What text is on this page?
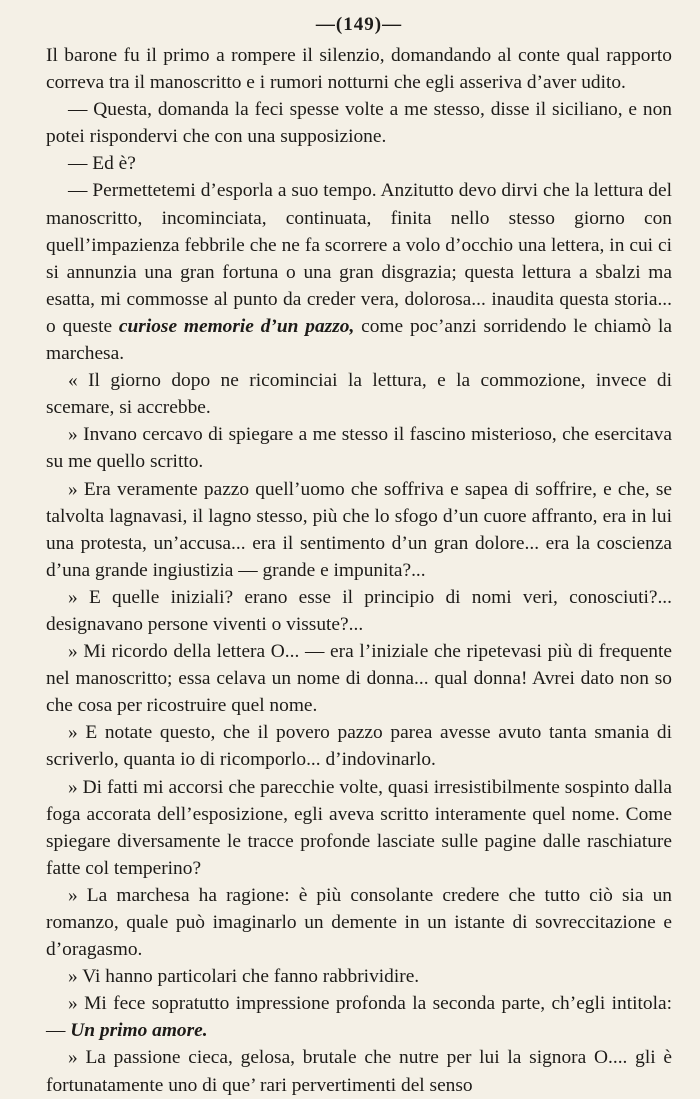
—(149)—

Il barone fu il primo a rompere il silenzio, domandando al conte qual rapporto correva tra il manoscritto e i rumori notturni che egli asseriva d’aver udito.

— Questa, domanda la feci spesse volte a me stesso, disse il siciliano, e non potei rispondervi che con una supposizione.

— Ed è?

— Permettetemi d’esporla a suo tempo. Anzitutto devo dirvi che la lettura del manoscritto, incominciata, continuata, finita nello stesso giorno con quell’impazienza febbrile che ne fa scorrere a volo d’occhio una lettera, in cui ci si annunzia una gran fortuna o una gran disgrazia; questa lettura a sbalzi ma esatta, mi commosse al punto da creder vera, dolorosa... inaudita questa storia... o queste curiose memorie d’un pazzo, come poc’anzi sorridendo le chiamò la marchesa.

« Il giorno dopo ne ricominciai la lettura, e la commozione, invece di scemare, si accrebbe.

» Invano cercavo di spiegare a me stesso il fascino misterioso, che esercitava su me quello scritto.

» Era veramente pazzo quell’uomo che soffriva e sapea di soffrire, e che, se talvolta lagnavasi, il lagno stesso, più che lo sfogo d’un cuore affranto, era in lui una protesta, un’accusa... era il sentimento d’un gran dolore... era la coscienza d’una grande ingiustizia — grande e impunita?...

» E quelle iniziali? erano esse il principio di nomi veri, conosciuti?... designavano persone viventi o vissute?...

» Mi ricordo della lettera O... — era l’iniziale che ripetevasi più di frequente nel manoscritto; essa celava un nome di donna... qual donna! Avrei dato non so che cosa per ricostruire quel nome.

» E notate questo, che il povero pazzo parea avesse avuto tanta smania di scriverlo, quanta io di ricomporlo... d’indovinarlo.

» Di fatti mi accorsi che parecchie volte, quasi irresistibilmente sospinto dalla foga accorata dell’esposizione, egli aveva scritto interamente quel nome. Come spiegare diversamente le tracce profonde lasciate sulle pagine dalle raschiature fatte col temperino?

» La marchesa ha ragione: è più consolante credere che tutto ciò sia un romanzo, quale può imaginarlo un demente in un istante di sovreccitazione e d’oragasmo.

» Vi hanno particolari che fanno rabbrividire.

» Mi fece sopratutto impressione profonda la seconda parte, ch’egli intitola: — Un primo amore.

» La passione cieca, gelosa, brutale che nutre per lui la signora O.... gli è fortunatamente uno di que’ rari pervertimenti del senso
